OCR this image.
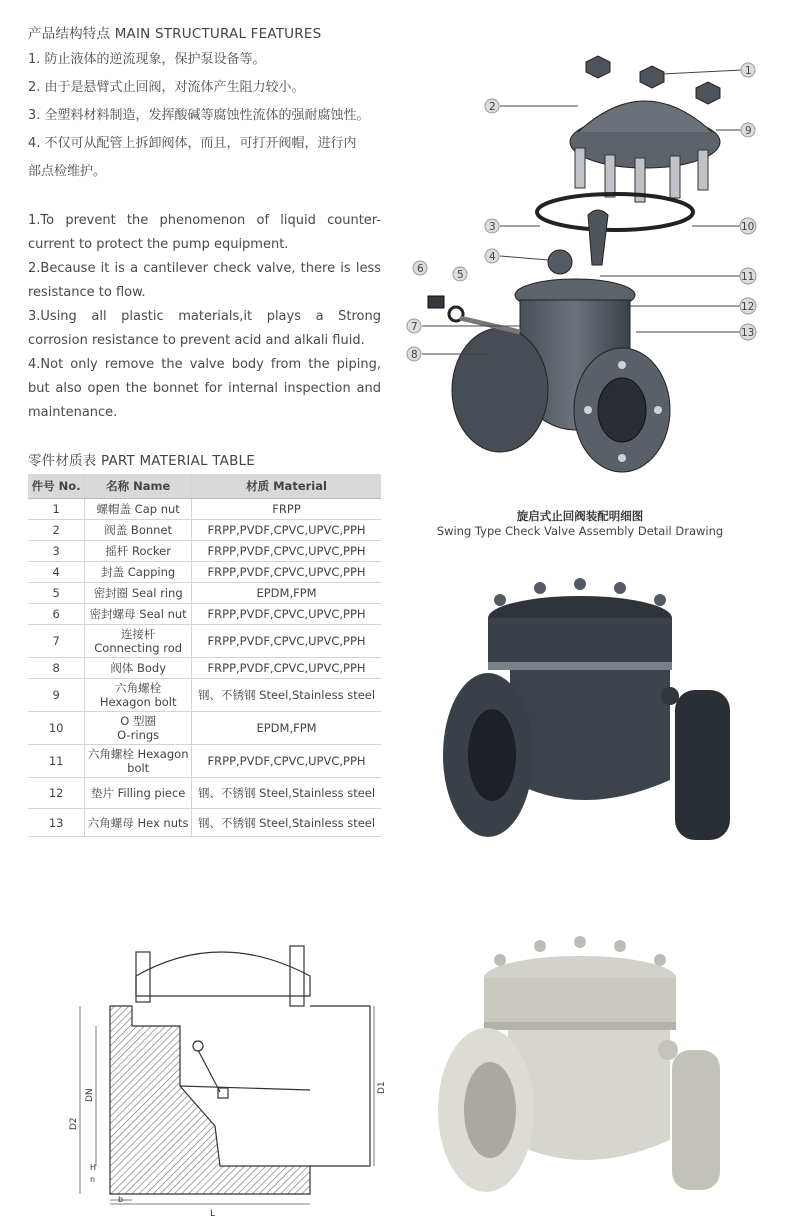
产品结构特点 MAIN STRUCTURAL FEATURES
1. 防止液体的逆流现象，保护泵设备等。
2. 由于是悬臂式止回阀，对流体产生阻力较小。
3. 全塑料材料制造，发挥酸碱等腐蚀性流体的强耐腐蚀性。
4. 不仅可从配管上拆卸阀体，而且，可打开阀帽，进行内
部点检维护。
1.To prevent the phenomenon of liquid counter-current to protect the pump equipment.
2.Because it is a cantilever check valve, there is less resistance to flow.
3.Using all plastic materials,it plays a Strong corrosion resistance to prevent acid and alkali fluid.
4.Not only remove the valve body from the piping, but also open the bonnet for internal inspection and maintenance.
零件材质表 PART MATERIAL TABLE
件号 No.	名称 Name	材质 Material
1	螺帽盖 Cap nut	FRPP
2	阀盖 Bonnet	FRPP,PVDF,CPVC,UPVC,PPH
3	摇杆 Rocker	FRPP,PVDF,CPVC,UPVC,PPH
4	封盖 Capping	FRPP,PVDF,CPVC,UPVC,PPH
5	密封圈 Seal ring	EPDM,FPM
6	密封螺母 Seal nut	FRPP,PVDF,CPVC,UPVC,PPH
7	连接杆
Connecting rod	FRPP,PVDF,CPVC,UPVC,PPH
8	阀体 Body	FRPP,PVDF,CPVC,UPVC,PPH
9	六角螺栓
Hexagon bolt	钢、不锈钢 Steel,Stainless steel
10	O 型圈
O-rings	EPDM,FPM
11	六角螺栓 Hexagon
bolt	FRPP,PVDF,CPVC,UPVC,PPH
12	垫片 Filling piece	钢、不锈钢 Steel,Stainless steel
13	六角螺母 Hex nuts	钢、不锈钢 Steel,Stainless steel
1
2
3
4
5
6
7
8
9
10
11
12
13
旋启式止回阀装配明细图
Swing Type Check Valve Assembly Detail Drawing
DN
D2
D1
H
n
b
L
